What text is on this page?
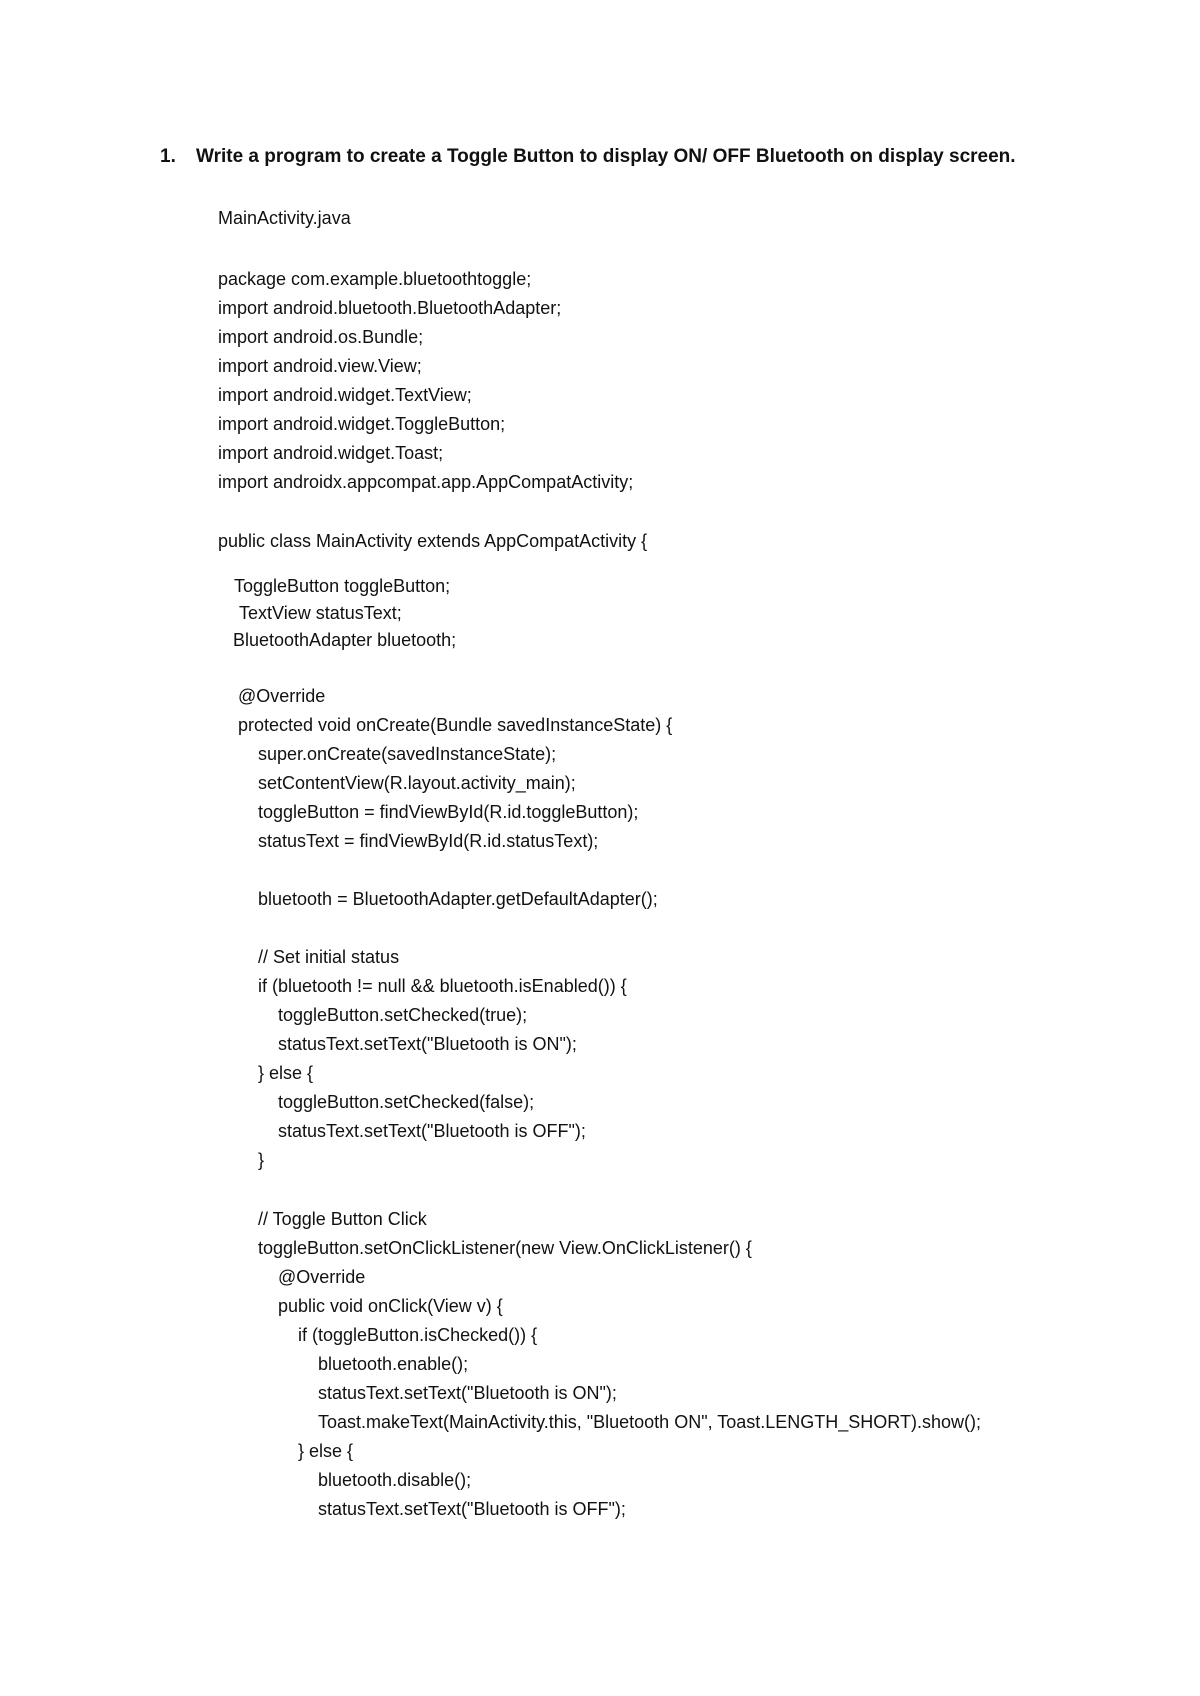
1. Write a program to create a Toggle Button to display ON/ OFF Bluetooth on display screen.
MainActivity.java
package com.example.bluetoothtoggle;
import android.bluetooth.BluetoothAdapter;
import android.os.Bundle;
import android.view.View;
import android.widget.TextView;
import android.widget.ToggleButton;
import android.widget.Toast;
import androidx.appcompat.app.AppCompatActivity;
public class MainActivity extends AppCompatActivity {
ToggleButton toggleButton;
TextView statusText;
BluetoothAdapter bluetooth;
@Override
protected void onCreate(Bundle savedInstanceState) {
super.onCreate(savedInstanceState);
setContentView(R.layout.activity_main);
toggleButton = findViewById(R.id.toggleButton);
statusText = findViewById(R.id.statusText);
bluetooth = BluetoothAdapter.getDefaultAdapter();
// Set initial status
if (bluetooth != null && bluetooth.isEnabled()) {
toggleButton.setChecked(true);
statusText.setText("Bluetooth is ON");
} else {
toggleButton.setChecked(false);
statusText.setText("Bluetooth is OFF");
}
// Toggle Button Click
toggleButton.setOnClickListener(new View.OnClickListener() {
@Override
public void onClick(View v) {
if (toggleButton.isChecked()) {
bluetooth.enable();
statusText.setText("Bluetooth is ON");
Toast.makeText(MainActivity.this, "Bluetooth ON", Toast.LENGTH_SHORT).show();
} else {
bluetooth.disable();
statusText.setText("Bluetooth is OFF");
